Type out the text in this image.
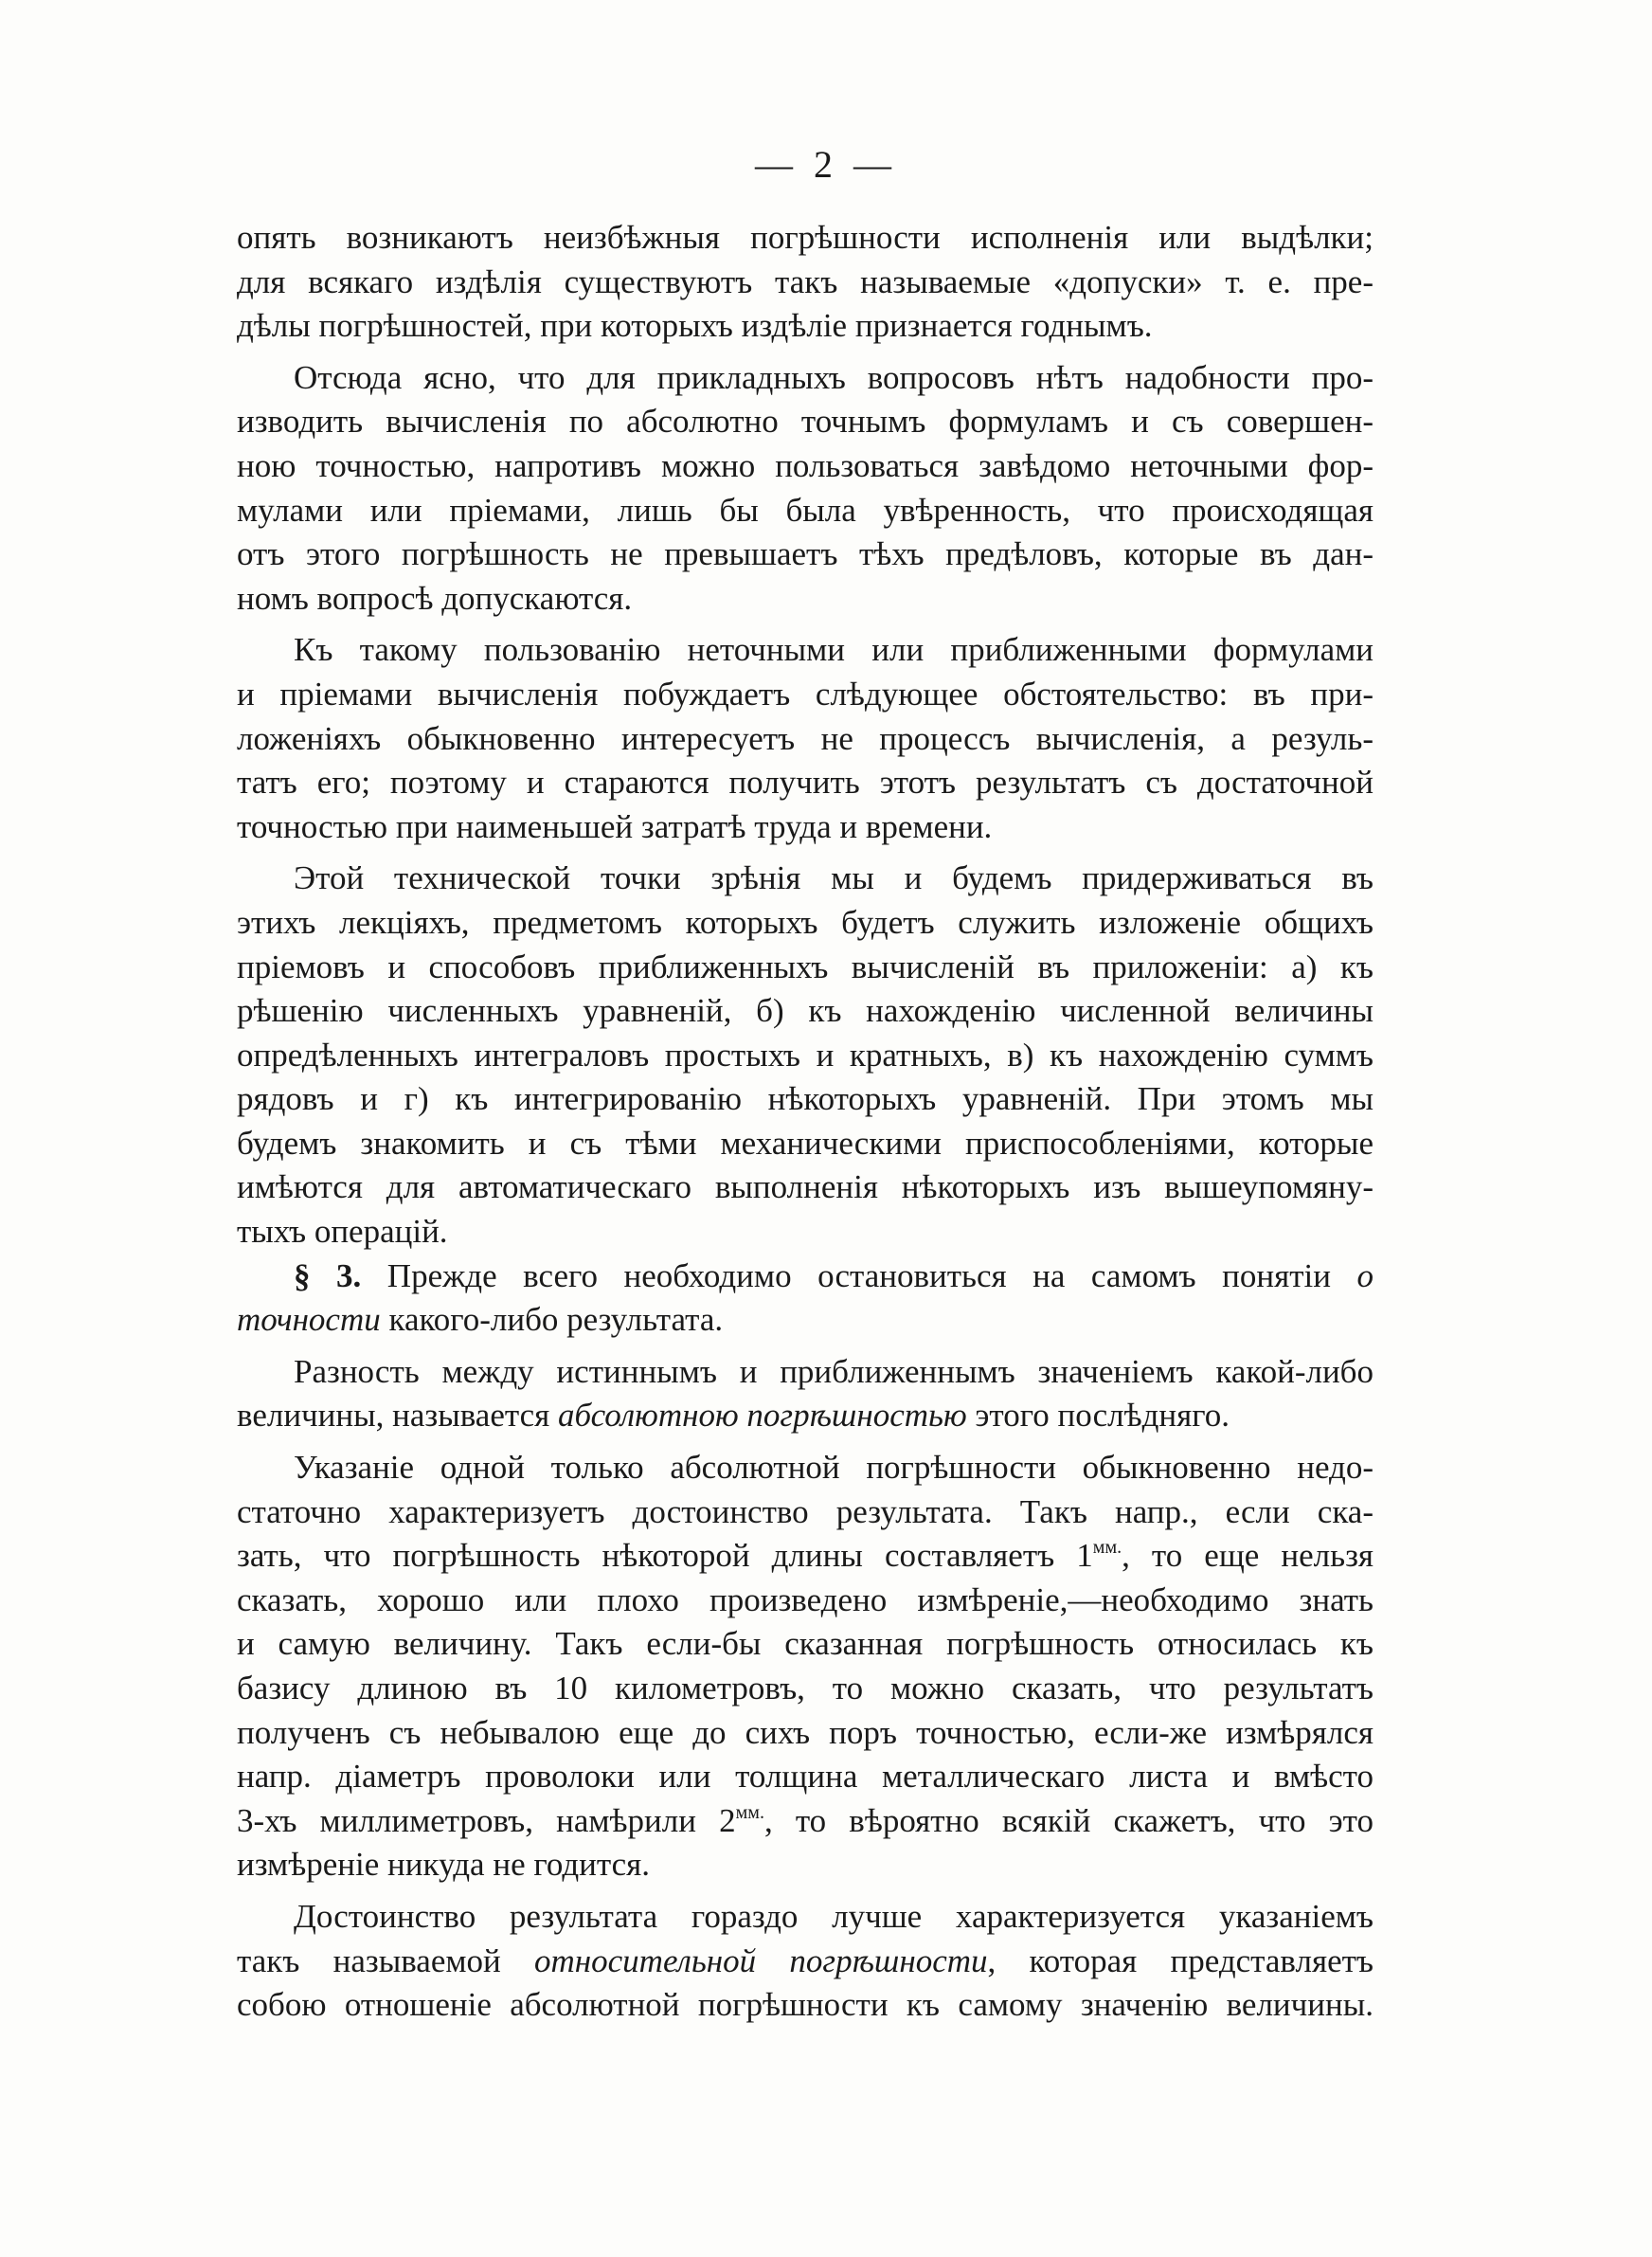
— 2 —
опять возникаютъ неизбѣжныя погрѣшности исполненія или выдѣлки;
для всякаго издѣлія существуютъ такъ называемые «допуски» т. е. пре-
дѣлы погрѣшностей, при которыхъ издѣліе признается годнымъ.
Отсюда ясно, что для прикладныхъ вопросовъ нѣтъ надобности про-
изводить вычисленія по абсолютно точнымъ формуламъ и съ совершен-
ною точностью, напротивъ можно пользоваться завѣдомо неточными фор-
мулами или пріемами, лишь бы была увѣренность, что происходящая
отъ этого погрѣшность не превышаетъ тѣхъ предѣловъ, которые въ дан-
номъ вопросѣ допускаются.
Къ такому пользованію неточными или приближенными формулами
и пріемами вычисленія побуждаетъ слѣдующее обстоятельство: въ при-
ложеніяхъ обыкновенно интересуетъ не процессъ вычисленія, а резуль-
татъ его; поэтому и стараются получить этотъ результатъ съ достаточной
точностью при наименьшей затратѣ труда и времени.
Этой технической точки зрѣнія мы и будемъ придерживаться въ
этихъ лекціяхъ, предметомъ которыхъ будетъ служить изложеніе общихъ
пріемовъ и способовъ приближенныхъ вычисленій въ приложеніи: а) къ
рѣшенію численныхъ уравненій, б) къ нахожденію численной величины
опредѣленныхъ интеграловъ простыхъ и кратныхъ, в) къ нахожденію суммъ
рядовъ и г) къ интегрированію нѣкоторыхъ уравненій. При этомъ мы
будемъ знакомить и съ тѣми механическими приспособленіями, которые
имѣются для автоматическаго выполненія нѣкоторыхъ изъ вышеупомяну-
тыхъ операцій.
§ 3. Прежде всего необходимо остановиться на самомъ понятіи о
точности какого-либо результата.
Разность между истиннымъ и приближеннымъ значеніемъ какой-либо
величины, называется абсолютною погрѣшностью этого послѣдняго.
Указаніе одной только абсолютной погрѣшности обыкновенно недо-
статочно характеризуетъ достоинство результата. Такъ напр., если ска-
зать, что погрѣшность нѣкоторой длины составляетъ $1^{мм.}$, то еще нельзя
сказать, хорошо или плохо произведено измѣреніе,—необходимо знать
и самую величину. Такъ если-бы сказанная погрѣшность относилась къ
базису длиною въ 10 километровъ, то можно сказать, что результатъ
полученъ съ небывалою еще до сихъ поръ точностью, если-же измѣрялся
напр. діаметръ проволоки или толщина металлическаго листа и вмѣсто
3-хъ миллиметровъ, намѣрили $2^{мм.}$, то вѣроятно всякій скажетъ, что это
измѣреніе никуда не годится.
Достоинство результата гораздо лучше характеризуется указаніемъ
такъ называемой относительной погрѣшности, которая представляетъ
собою отношеніе абсолютной погрѣшности къ самому значенію величины.
